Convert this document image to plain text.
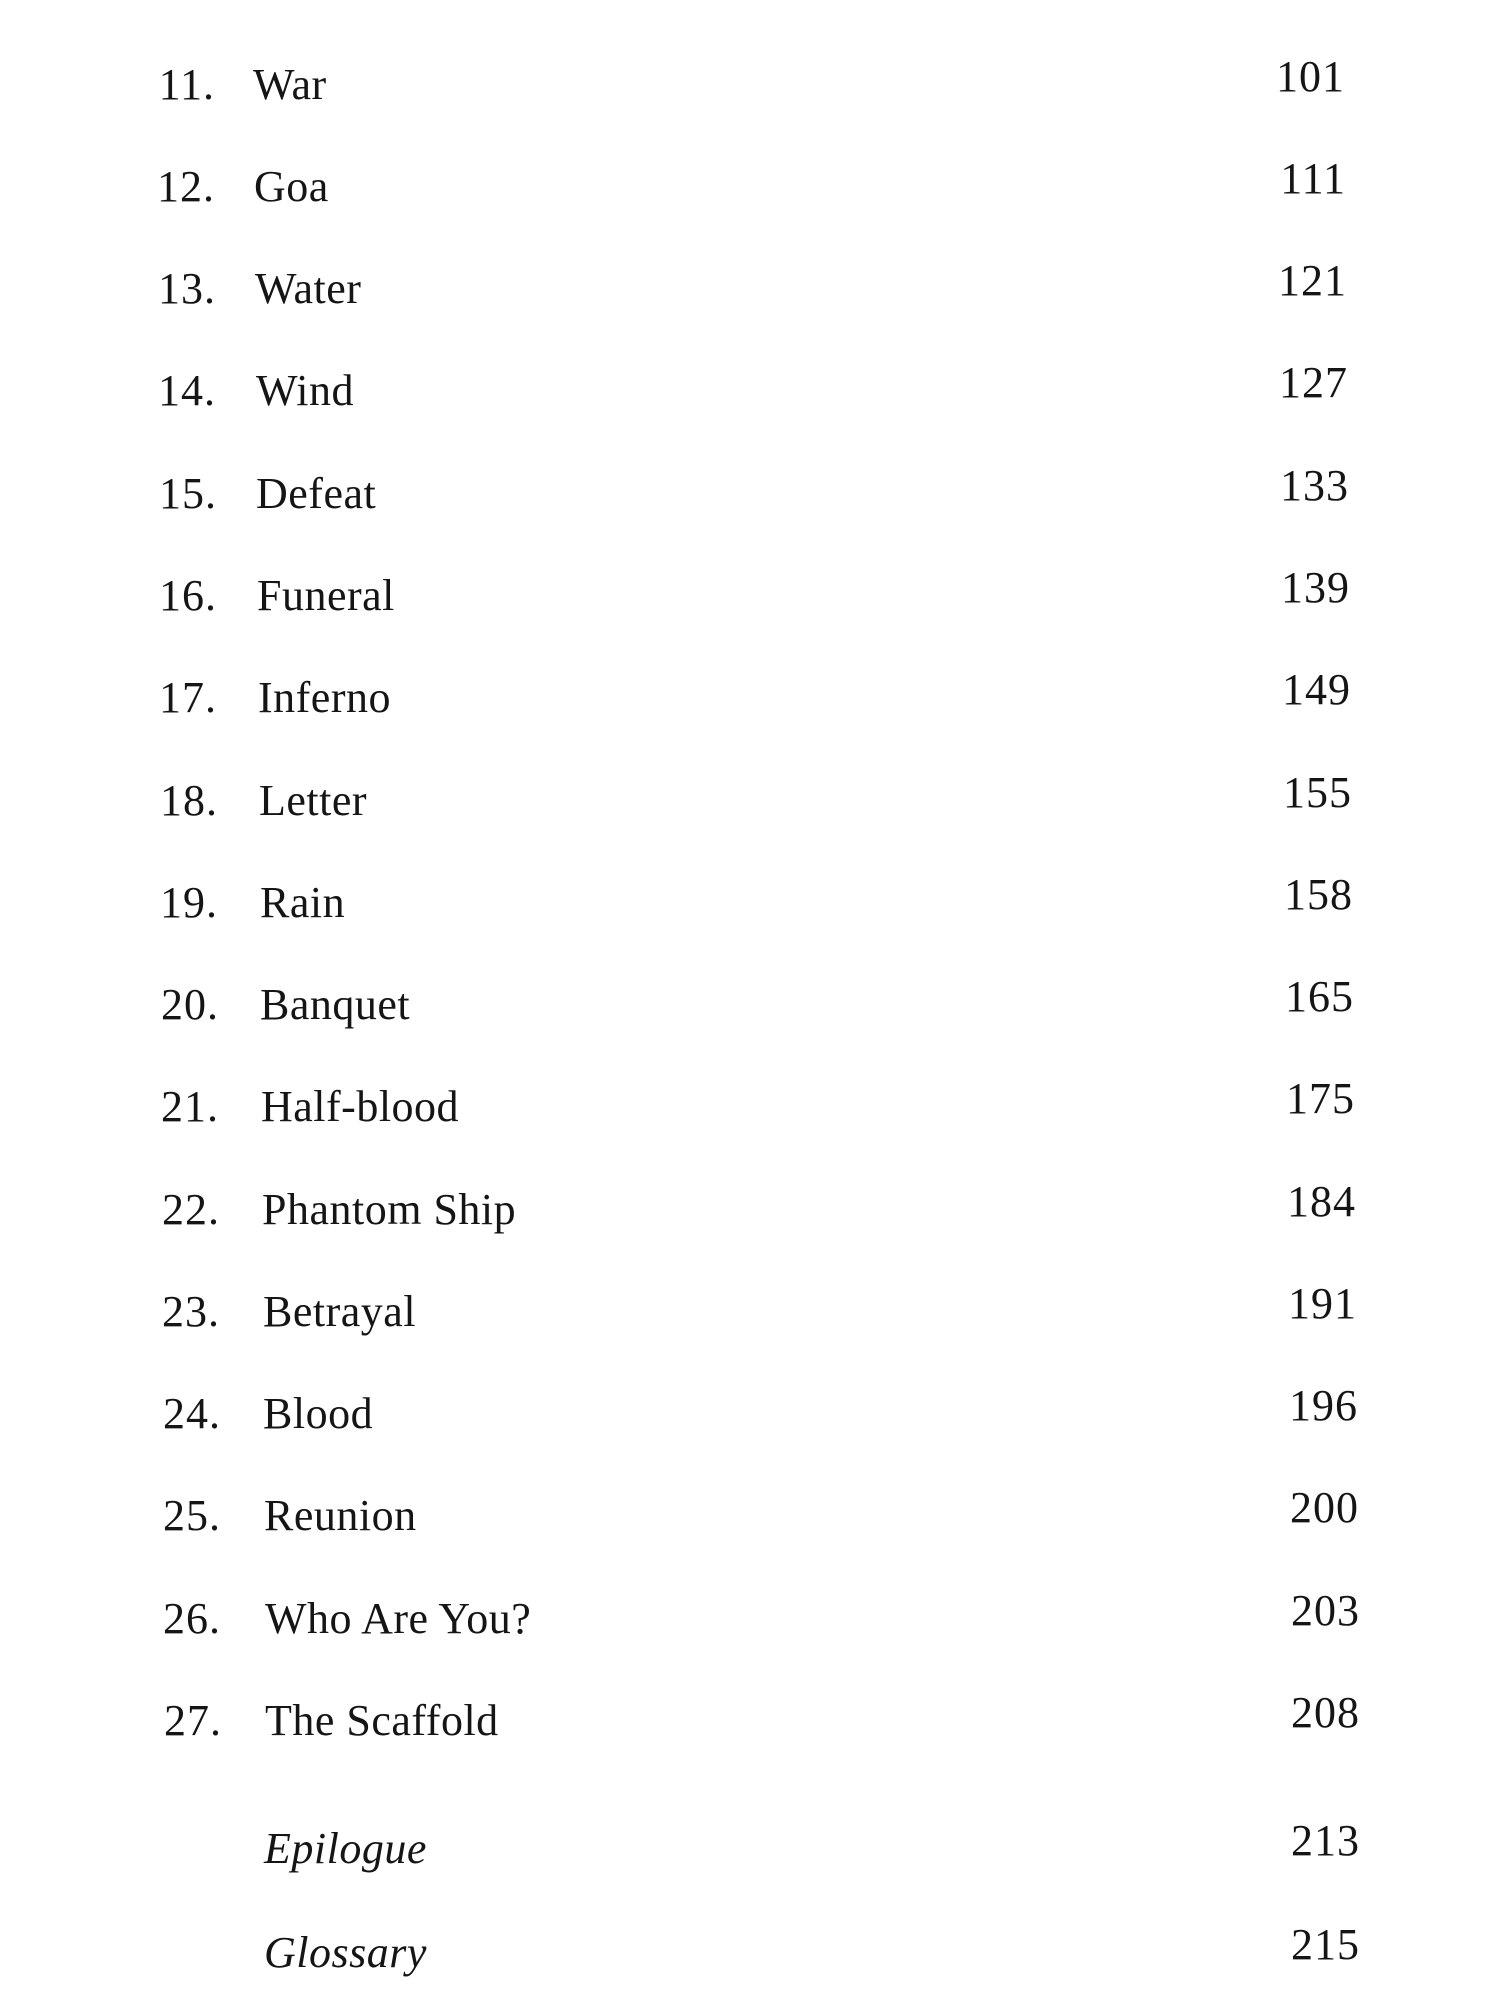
11. War	101
12. Goa	111
13. Water	121
14. Wind	127
15. Defeat	133
16. Funeral	139
17. Inferno	149
18. Letter	155
19. Rain	158
20. Banquet	165
21. Half-blood	175
22. Phantom Ship	184
23. Betrayal	191
24. Blood	196
25. Reunion	200
26. Who Are You?	203
27. The Scaffold	208
Epilogue	213
Glossary	215
